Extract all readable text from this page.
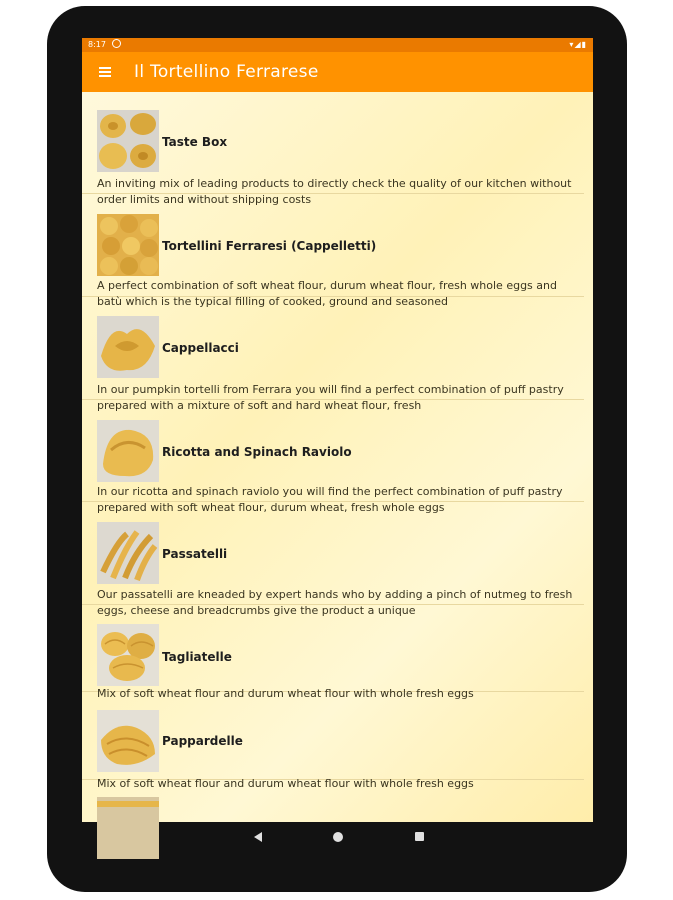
8:17	▾◢▮
Il Tortellino Ferrarese
Taste Box
An inviting mix of leading products to directly check the quality of our kitchen without order limits and without shipping costs
Tortellini Ferraresi (Cappelletti)
A perfect combination of soft wheat flour, durum wheat flour, fresh whole eggs and batù which is the typical filling of cooked, ground and seasoned
Cappellacci
In our pumpkin tortelli from Ferrara you will find a perfect combination of puff pastry prepared with a mixture of soft and hard wheat flour, fresh
Ricotta and Spinach Raviolo
In our ricotta and spinach raviolo you will find the perfect combination of puff pastry prepared with soft wheat flour, durum wheat, fresh whole eggs
Passatelli
Our passatelli are kneaded by expert hands who by adding a pinch of nutmeg to fresh eggs, cheese and breadcrumbs give the product a unique
Tagliatelle
Mix of soft wheat flour and durum wheat flour with whole fresh eggs
Pappardelle
Mix of soft wheat flour and durum wheat flour with whole fresh eggs
